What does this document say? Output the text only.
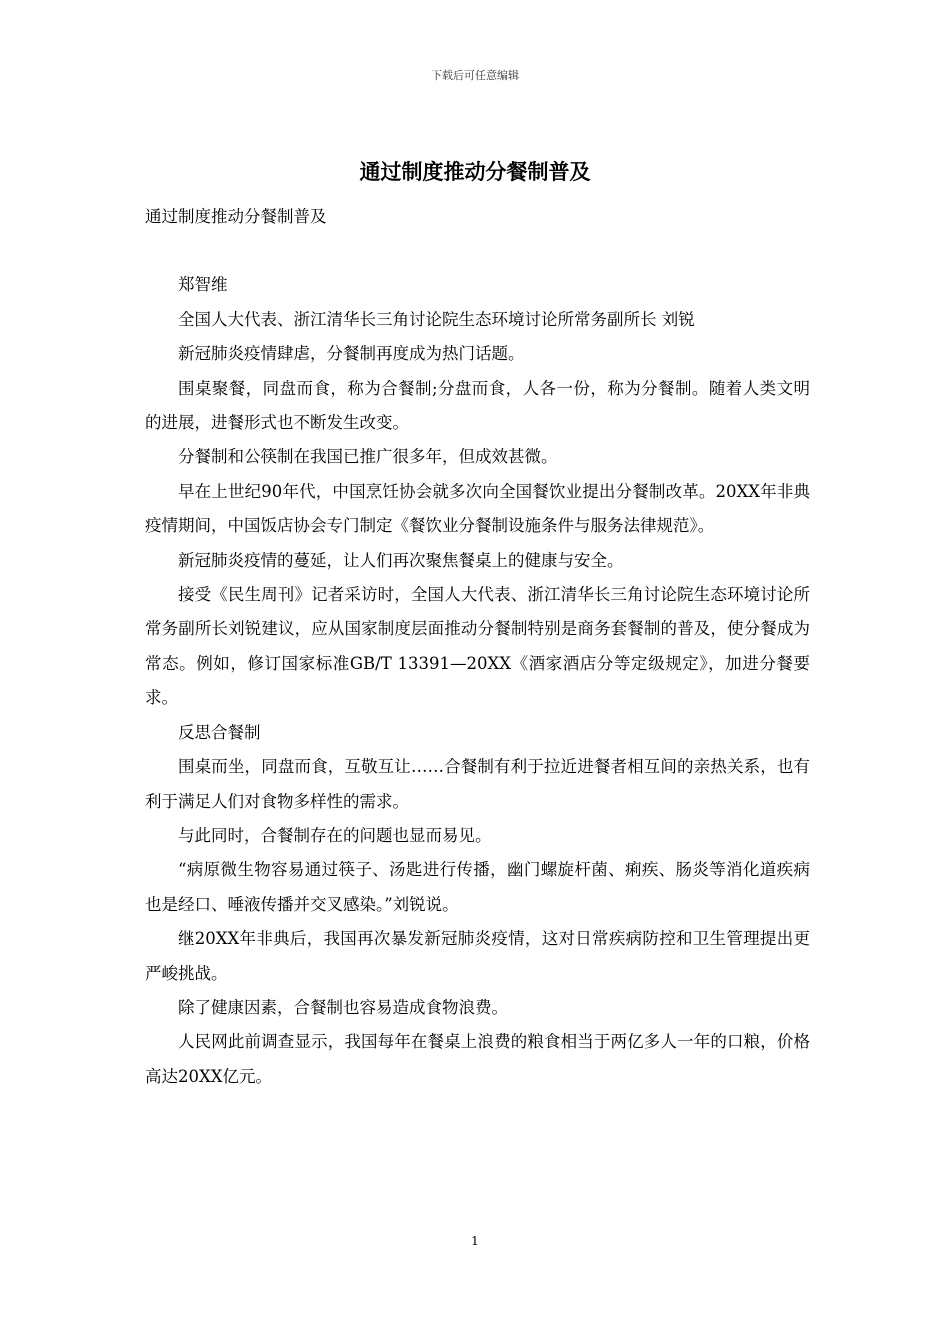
下载后可任意编辑
通过制度推动分餐制普及

通过制度推动分餐制普及

郑智维

全国人大代表、浙江清华长三角讨论院生态环境讨论所常务副所长 刘锐

新冠肺炎疫情肆虐，分餐制再度成为热门话题。

围桌聚餐，同盘而食，称为合餐制;分盘而食，人各一份，称为分餐制。随着人类文明的进展，进餐形式也不断发生改变。

分餐制和公筷制在我国已推广很多年，但成效甚微。

早在上世纪90年代，中国烹饪协会就多次向全国餐饮业提出分餐制改革。20XX年非典疫情期间，中国饭店协会专门制定《餐饮业分餐制设施条件与服务法律规范》。

新冠肺炎疫情的蔓延，让人们再次聚焦餐桌上的健康与安全。

接受《民生周刊》记者采访时，全国人大代表、浙江清华长三角讨论院生态环境讨论所常务副所长刘锐建议，应从国家制度层面推动分餐制特别是商务套餐制的普及，使分餐成为常态。例如，修订国家标准GB/T 13391—20XX《酒家酒店分等定级规定》，加进分餐要求。

反思合餐制

围桌而坐，同盘而食，互敬互让……合餐制有利于拉近进餐者相互间的亲热关系，也有利于满足人们对食物多样性的需求。

与此同时，合餐制存在的问题也显而易见。

“病原微生物容易通过筷子、汤匙进行传播，幽门螺旋杆菌、痢疾、肠炎等消化道疾病也是经口、唾液传播并交叉感染。”刘锐说。

继20XX年非典后，我国再次暴发新冠肺炎疫情，这对日常疾病防控和卫生管理提出更严峻挑战。

除了健康因素，合餐制也容易造成食物浪费。

人民网此前调查显示，我国每年在餐桌上浪费的粮食相当于两亿多人一年的口粮，价格高达20XX亿元。

1
